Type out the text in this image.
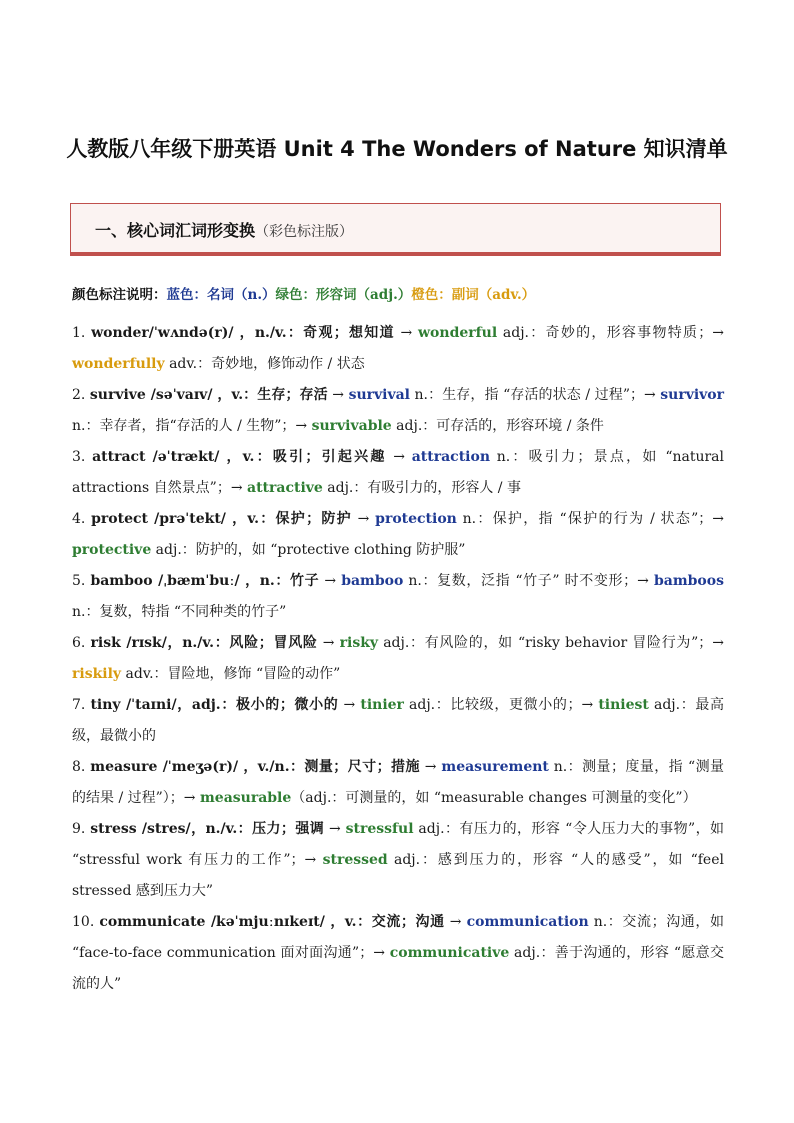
人教版八年级下册英语 Unit 4 The Wonders of Nature 知识清单
一、核心词汇词形变换（彩色标注版）
颜色标注说明：蓝色：名词（n.）绿色：形容词（adj.）橙色：副词（adv.）

1. wonder/ˈwʌndə(r)/ ，n./v.：奇观；想知道 → wonderful adj.：奇妙的，形容事物特质；→ wonderfully adv.：奇妙地，修饰动作 / 状态

2. survive /səˈvaɪv/ ，v.：生存；存活 → survival n.：生存，指 “存活的状态 / 过程”；→ survivor n.：幸存者，指“存活的人 / 生物”；→ survivable adj.：可存活的，形容环境 / 条件

3. attract /əˈtrækt/ ，v.：吸引；引起兴趣 → attraction n.：吸引力；景点，如 “natural attractions 自然景点”；→ attractive adj.：有吸引力的，形容人 / 事

4. protect /prəˈtekt/ ，v.：保护；防护 → protection n.：保护，指 “保护的行为 / 状态”；→ protective adj.：防护的，如 “protective clothing 防护服”

5. bamboo /ˌbæmˈbuː/ ，n.：竹子 → bamboo n.：复数，泛指 “竹子” 时不变形；→ bamboos n.：复数，特指 “不同种类的竹子”

6. risk /rɪsk/，n./v.：风险；冒风险 → risky adj.：有风险的，如 “risky behavior 冒险行为”；→ riskily adv.：冒险地，修饰 “冒险的动作”

7. tiny /ˈtaɪni/，adj.：极小的；微小的 → tinier adj.：比较级，更微小的；→ tiniest adj.：最高级，最微小的

8. measure /ˈmeʒə(r)/ ，v./n.：测量；尺寸；措施 → measurement n.：测量；度量，指 “测量的结果 / 过程”）；→ measurable（adj.：可测量的，如 “measurable changes 可测量的变化”）

9. stress /stres/，n./v.：压力；强调 → stressful adj.：有压力的，形容 “令人压力大的事物”，如 “stressful work 有压力的工作”；→ stressed adj.：感到压力的，形容 “人的感受”，如 “feel stressed 感到压力大”

10. communicate /kəˈmjuːnɪkeɪt/ ，v.：交流；沟通 → communication n.：交流；沟通，如 “face-to-face communication 面对面沟通”；→ communicative adj.：善于沟通的，形容 “愿意交流的人”
